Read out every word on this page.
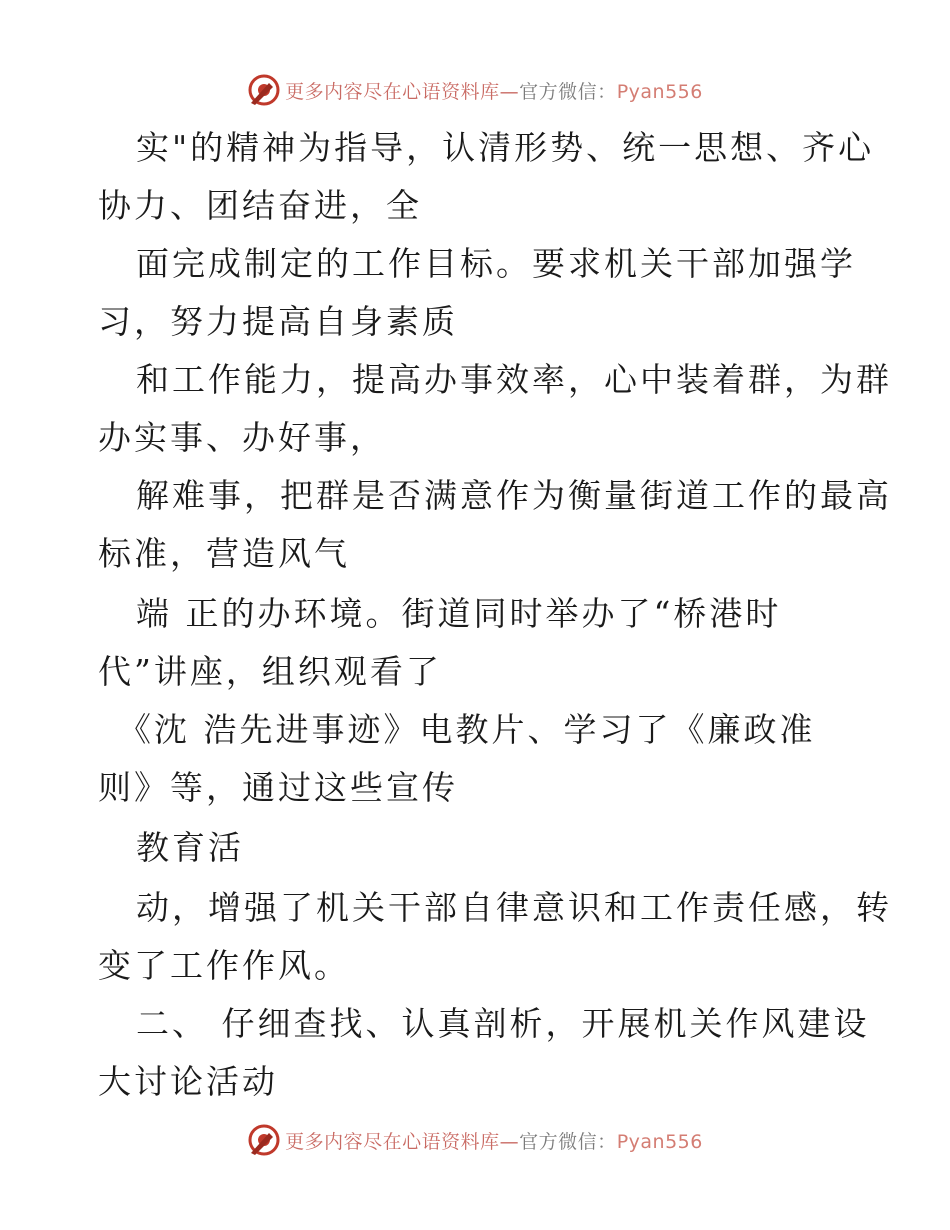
更多内容尽在心语资料库—官方微信：Pyan556
实"的精神为指导，认清形势、统一思想、齐心
协力、团结奋进，全
面完成制定的工作目标。要求机关干部加强学
习，努力提高自身素质
和工作能力，提高办事效率，心中装着群，为群
办实事、办好事，
解难事，把群是否满意作为衡量街道工作的最高
标准，营造风气
端 正的办环境。街道同时举办了“桥港时
代”讲座，组织观看了
《沈 浩先进事迹》电教片、学习了《廉政准
则》等，通过这些宣传
教育活
动，增强了机关干部自律意识和工作责任感，转
变了工作作风。
二、 仔细查找、认真剖析，开展机关作风建设
大讨论活动
更多内容尽在心语资料库—官方微信：Pyan556
